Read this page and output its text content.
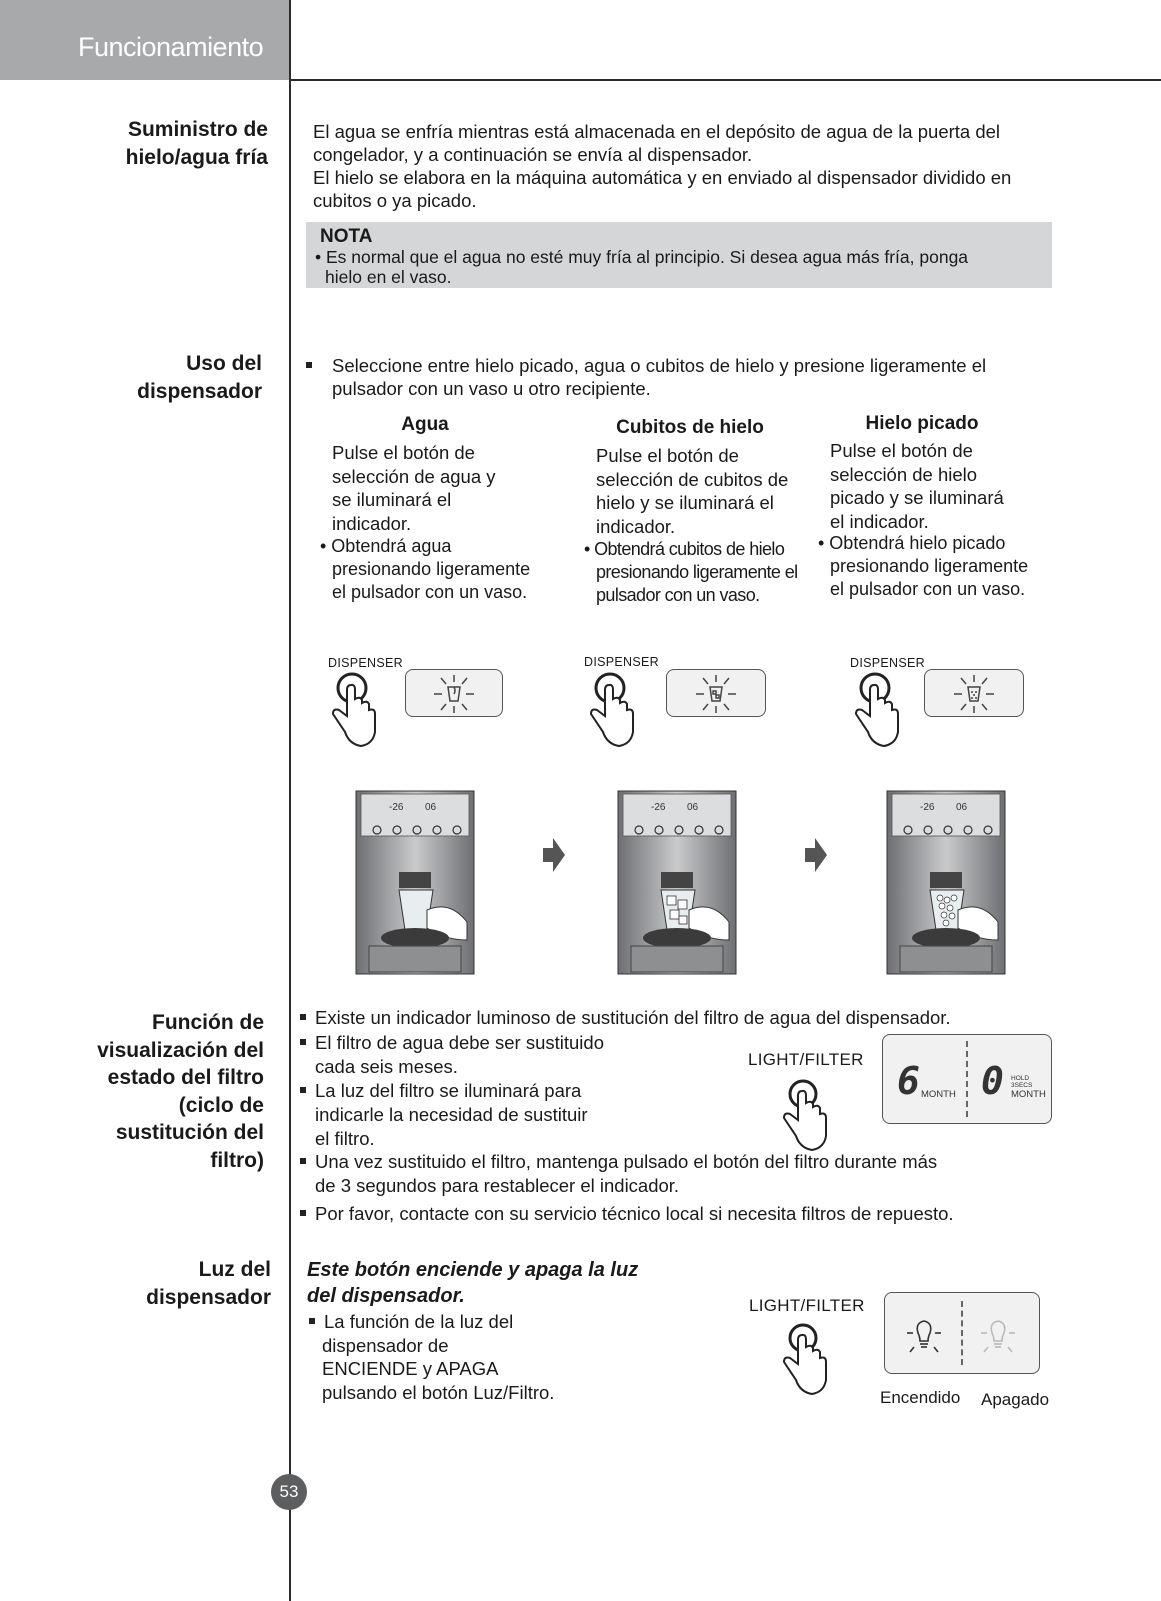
Funcionamiento
Suministro de
hielo/agua fría
El agua se enfría mientras está almacenada en el depósito de agua de la puerta del
congelador, y a continuación se envía al dispensador.
El hielo se elabora en la máquina automática y en enviado al dispensador dividido en
cubitos o ya picado.
NOTA
• Es normal que el agua no esté muy fría al principio. Si desea agua más fría, ponga
hielo en el vaso.
Uso del
dispensador
Seleccione entre hielo picado, agua o cubitos de hielo y presione ligeramente el
pulsador con un vaso u otro recipiente.
Agua
Pulse el botón de
selección de agua y
se iluminará el
indicador.
• Obtendrá agua
presionando ligeramente
el pulsador con un vaso.
Cubitos de hielo
Pulse el botón de
selección de cubitos de
hielo y se iluminará el
indicador.
• Obtendrá cubitos de hielo
presionando ligeramente el
pulsador con un vaso.
Hielo picado
Pulse el botón de
selección de hielo
picado y se iluminará
el indicador.
• Obtendrá hielo picado
presionando ligeramente
el pulsador con un vaso.
DISPENSER	DISPENSER	DISPENSER
-26 06	-26 06	-26 06
Función de
visualización del
estado del filtro
(ciclo de
sustitución del
filtro)
Existe un indicador luminoso de sustitución del filtro de agua del dispensador.
El filtro de agua debe ser sustituido
cada seis meses.
La luz del filtro se iluminará para
indicarle la necesidad de sustituir
el filtro.
Una vez sustituido el filtro, mantenga pulsado el botón del filtro durante más
de 3 segundos para restablecer el indicador.
Por favor, contacte con su servicio técnico local si necesita filtros de repuesto.
LIGHT/FILTER 6 MONTH 0 HOLD 3SECS
MONTH
Luz del
dispensador
Este botón enciende y apaga la luz
del dispensador.
La función de la luz del
dispensador de
ENCIENDE y APAGA
pulsando el botón Luz/Filtro.
LIGHT/FILTER
Encendido Apagado
53
